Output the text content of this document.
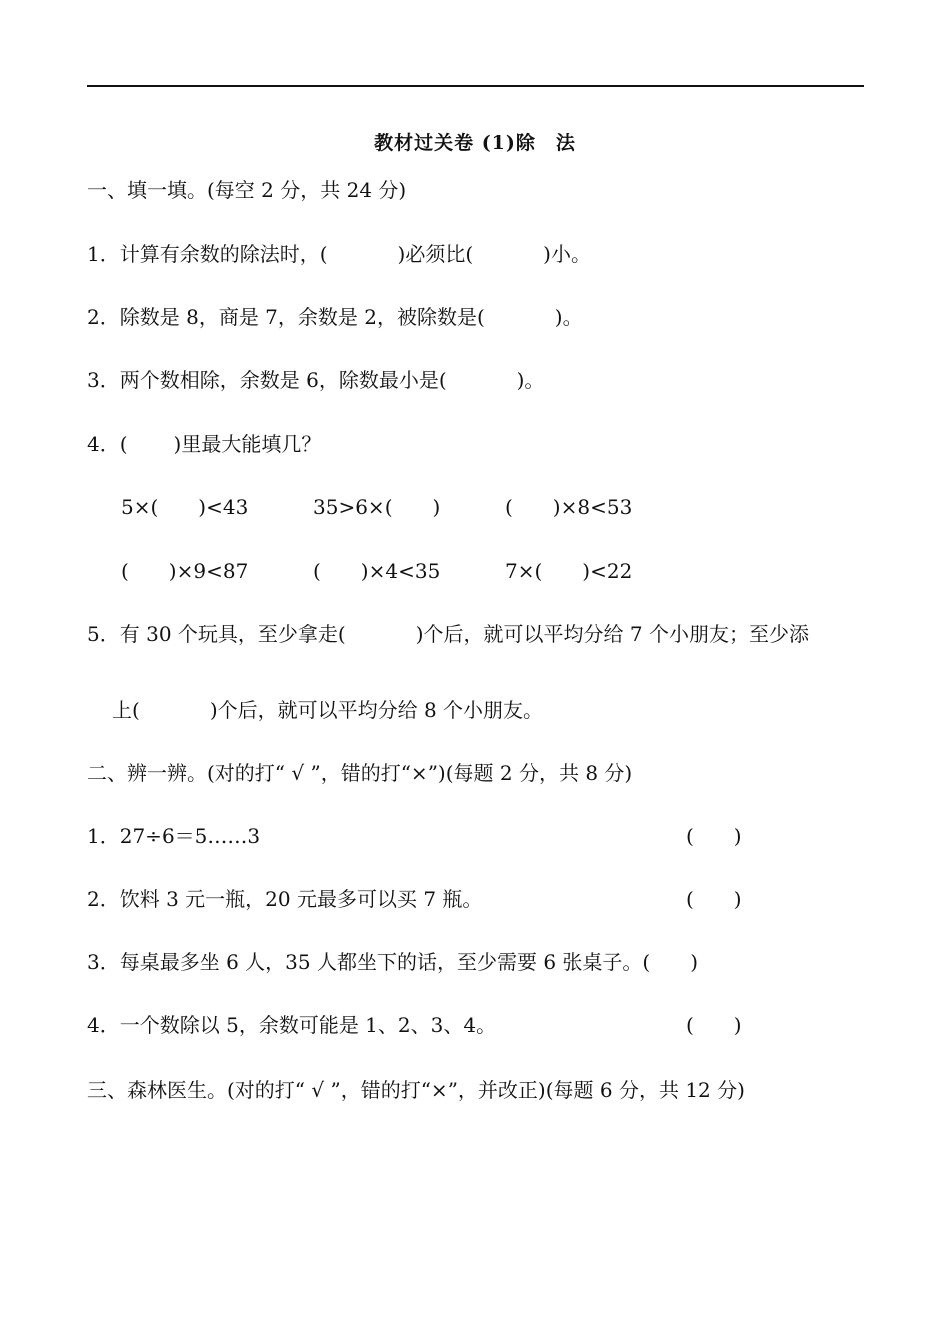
教材过关卷 (1)除　法
一、填一填。(每空 2 分，共 24 分)
1．计算有余数的除法时，(	)必须比(	)小。
2．除数是 8，商是 7，余数是 2，被除数是(	)。
3．两个数相除，余数是 6，除数最小是(	)。
4．( )里最大能填几？
5×(　　)<43	35>6×(　　)	(　　)×8<53
(　　)×9<87	(　　)×4<35	7×(　　)<22
5．有 30 个玩具，至少拿走(	)个后，就可以平均分给 7 个小朋友；至少添
上(	)个后，就可以平均分给 8 个小朋友。
二、辨一辨。(对的打“ √ ”，错的打“×”)(每题 2 分，共 8 分)
1．27÷6＝5……3	(　　)
2．饮料 3 元一瓶，20 元最多可以买 7 瓶。	(　　)
3．每桌最多坐 6 人，35 人都坐下的话，至少需要 6 张桌子。(　　)
4．一个数除以 5，余数可能是 1、2、3、4。	(　　)
三、森林医生。(对的打“ √ ”，错的打“×”，并改正)(每题 6 分，共 12 分)
